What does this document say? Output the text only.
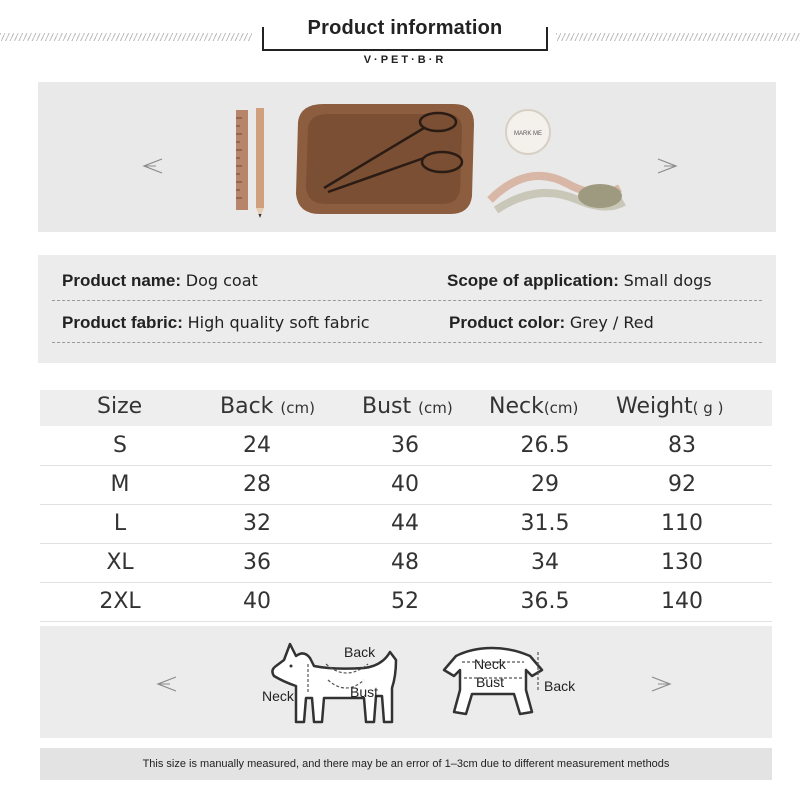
Product information
V·PET·B·R
MARK ME
Product name: Dog coat	Scope of application: Small dogs
Product fabric: High quality soft fabric	Product color: Grey / Red
Size	Back (cm) Bust (cm) Neck(cm) Weight( g )
S	24	36	26.5	83
M	28	40	29	92
L	32	44	31.5	110
XL	36	48	34	130
2XL	40	52	36.5	140
Back
Neck	Bust
Neck
Bust	Back
This size is manually measured, and there may be an error of 1–3cm due to different measurement methods
